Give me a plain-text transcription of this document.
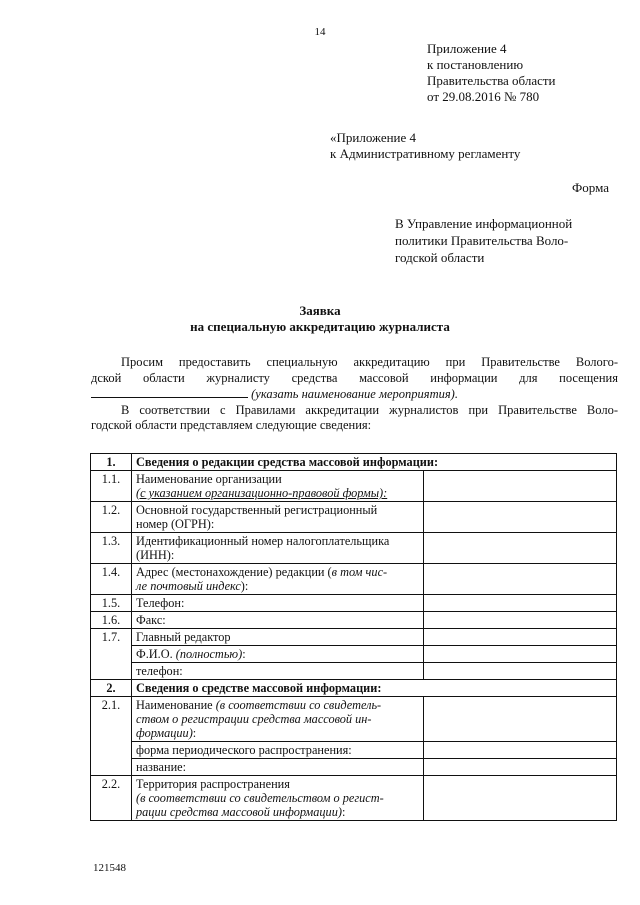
14
Приложение 4
к постановлению
Правительства области
от 29.08.2016 № 780
«Приложение 4
к Административному регламенту
Форма
В Управление информационной
политики Правительства Воло-
годской области
Заявка
на специальную аккредитацию журналиста
Просим предоставить специальную аккредитацию при Правительстве Волого-
дской области журналисту средства массовой информации для посещения
(указать наименование мероприятия).
В соответствии с Правилами аккредитации журналистов при Правительстве Воло-
годской области представляем следующие сведения:
1.	Сведения о редакции средства массовой информации:	
1.1.	Наименование организации
(с указанием организационно-правовой формы):	

1.2.	Основной государственный регистрационный
номер (ОГРН):	

1.3.	Идентификационный номер налогоплательщика
(ИНН):	

1.4.	Адрес (местонахождение) редакции (в том чис-
ле почтовый индекс):	

1.5.	Телефон:	
1.6.	Факс:	
1.7.	Главный редактор	
	Ф.И.О. (полностью):	
	телефон:	
2.	Сведения о средстве массовой информации:	
2.1.	Наименование (в соответствии со свидетель-
ством о регистрации средства массовой ин-
формации):	

	форма периодического распространения:	
	название:	
2.2.	Территория распространения
(в соответствии со свидетельством о регист-
рации средства массовой информации):	

121548
